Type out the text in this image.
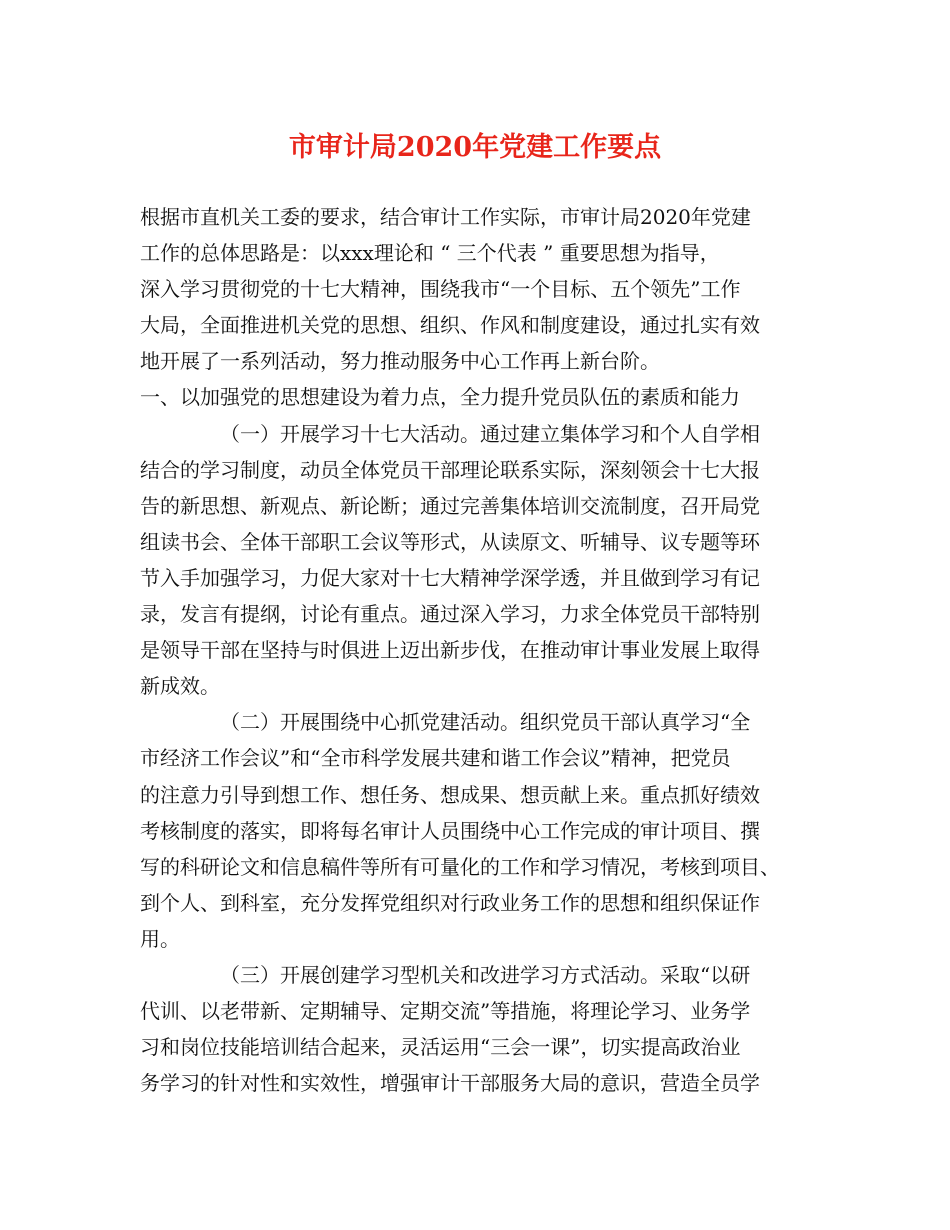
市审计局2020年党建工作要点
根据市直机关工委的要求，结合审计工作实际，市审计局2020年党建
工作的总体思路是：以xxx理论和 “ 三个代表 ” 重要思想为指导，
深入学习贯彻党的十七大精神，围绕我市“一个目标、五个领先”工作
大局，全面推进机关党的思想、组织、作风和制度建设，通过扎实有效
地开展了一系列活动，努力推动服务中心工作再上新台阶。
一、以加强党的思想建设为着力点，全力提升党员队伍的素质和能力
（一）开展学习十七大活动。通过建立集体学习和个人自学相
结合的学习制度，动员全体党员干部理论联系实际，深刻领会十七大报
告的新思想、新观点、新论断；通过完善集体培训交流制度，召开局党
组读书会、全体干部职工会议等形式，从读原文、听辅导、议专题等环
节入手加强学习，力促大家对十七大精神学深学透，并且做到学习有记
录，发言有提纲，讨论有重点。通过深入学习，力求全体党员干部特别
是领导干部在坚持与时俱进上迈出新步伐，在推动审计事业发展上取得
新成效。
（二）开展围绕中心抓党建活动。组织党员干部认真学习“全
市经济工作会议”和“全市科学发展共建和谐工作会议”精神，把党员
的注意力引导到想工作、想任务、想成果、想贡献上来。重点抓好绩效
考核制度的落实，即将每名审计人员围绕中心工作完成的审计项目、撰
写的科研论文和信息稿件等所有可量化的工作和学习情况，考核到项目、
到个人、到科室，充分发挥党组织对行政业务工作的思想和组织保证作
用。
（三）开展创建学习型机关和改进学习方式活动。采取“以研
代训、以老带新、定期辅导、定期交流”等措施，将理论学习、业务学
习和岗位技能培训结合起来，灵活运用“三会一课”，切实提高政治业
务学习的针对性和实效性，增强审计干部服务大局的意识，营造全员学
